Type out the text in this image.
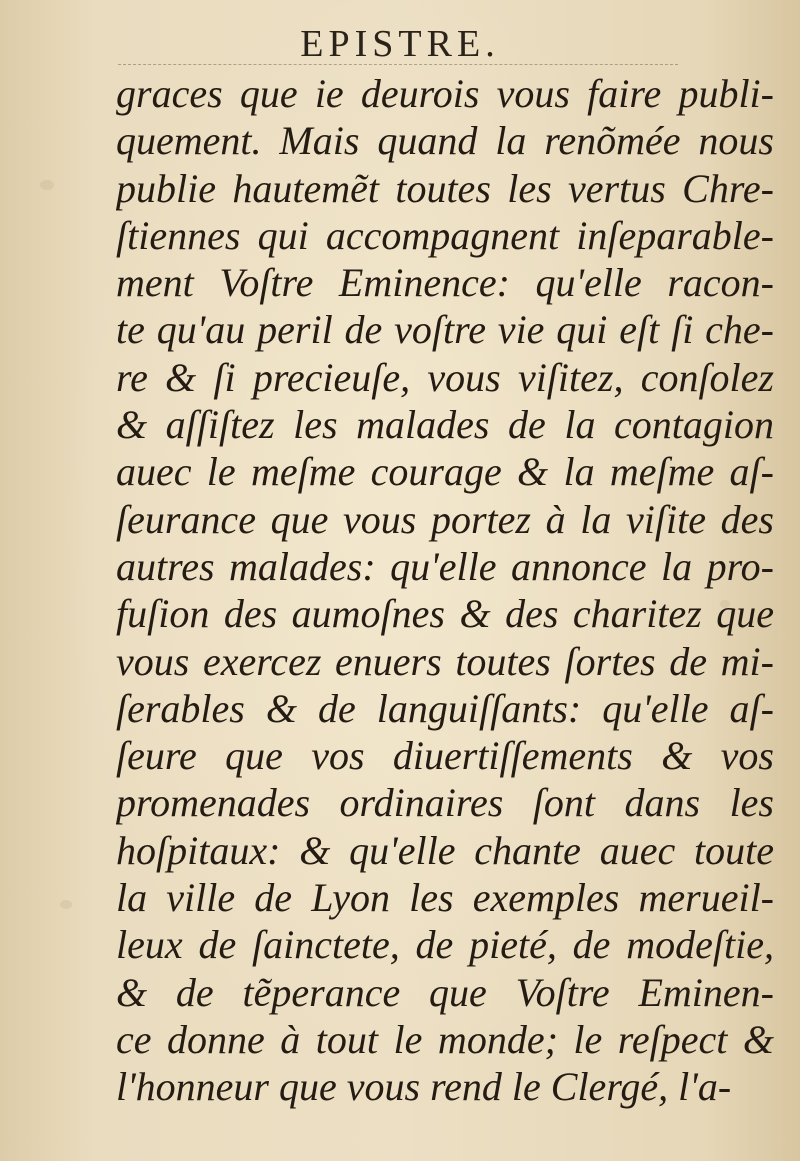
EPISTRE.
graces que ie deurois vous faire publi-
quement. Mais quand la renõmée nous
publie hautemẽt toutes les vertus Chre-
ſtiennes qui accompagnent inſeparable-
ment Voſtre Eminence: qu'elle racon-
te qu'au peril de voſtre vie qui eſt ſi che-
re & ſi precieuſe, vous viſitez, conſolez
& aſſiſtez les malades de la contagion
auec le meſme courage & la meſme aſ-
ſeurance que vous portez à la viſite des
autres malades: qu'elle annonce la pro-
fuſion des aumoſnes & des charitez que
vous exercez enuers toutes ſortes de mi-
ſerables & de languiſſants: qu'elle aſ-
ſeure que vos diuertiſſements & vos
promenades ordinaires ſont dans les
hoſpitaux: & qu'elle chante auec toute
la ville de Lyon les exemples merueil-
leux de ſainctete, de pieté, de modeſtie,
& de tẽperance que Voſtre Eminen-
ce donne à tout le monde; le reſpect &
l'honneur que vous rend le Clergé, l'a-
